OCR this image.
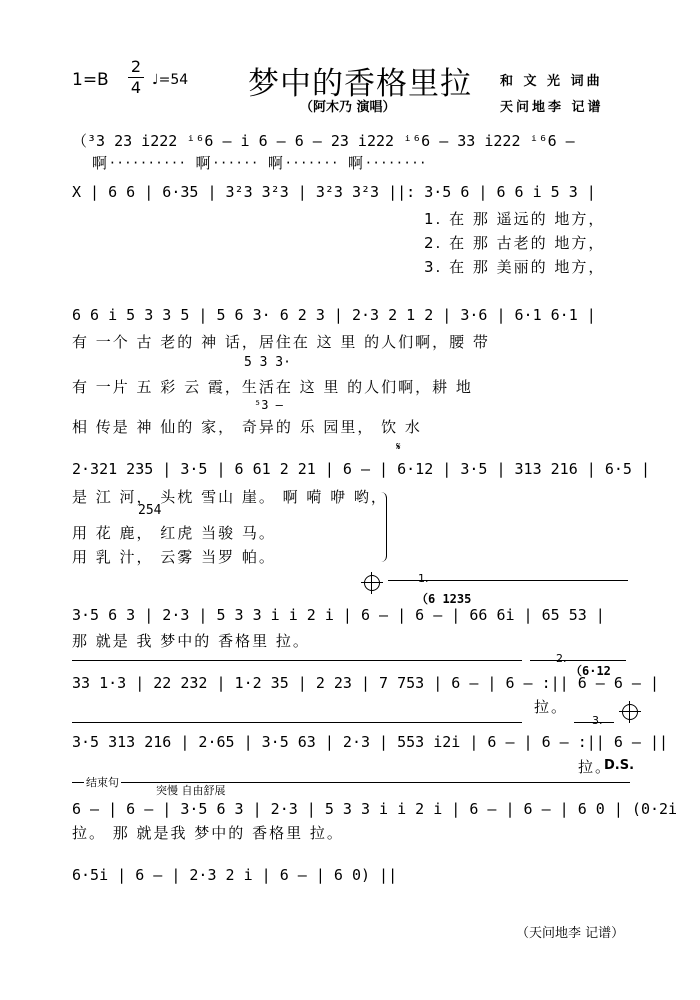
1=B
2
4 ♩=54 梦中的香格里拉
（阿木乃 演唱）
和 文 光 词曲
天问地李 记谱
（³3 23 i222 ⁱ⁶6 – i 6 – 6 – 23 i222 ⁱ⁶6 – 33 i222 ⁱ⁶6 –
啊·········· 啊······ 啊······· 啊········
X | 6 6 | 6·35 | 3²3 3²3 | 3²3 3²3 ||: 3·5 6 | 6 6 i 5 3 |
1. 在 那 遥远的 地方，
2. 在 那 古老的 地方，
3. 在 那 美丽的 地方，
6 6 i 5 3 3 5 | 5 6 3· 6 2 3 | 2·3 2 1 2 | 3·6 | 6·1 6·1 |
有 一个 古 老的 神 话，居住在 这 里 的人们啊，腰 带
5 3 3·
有 一片 五 彩 云 霞，生活在 这 里 的人们啊，耕 地
⁵3 –
相 传是 神 仙的 家， 奇异的 乐 园里， 饮 水
𝄋
2·321 235 | 3·5 | 6 61 2 21 | 6 – | 6·12 | 3·5 | 313 216 | 6·5 |
是 江 河， 头枕 雪山 崖。 啊 嗬 咿 哟，
254
用 花 鹿， 红虎 当骏 马。
用 乳 汁， 云雾 当罗 帕。
1.
（6 1235
3·5 6 3 | 2·3 | 5 3 3 i i 2 i | 6 – | 6 – | 66 6i | 65 53 |
那 就是 我 梦中的 香格里 拉。
2.
（6·12
33 1·3 | 22 232 | 1·2 35 | 2 23 | 7 753 | 6 – | 6 – :|| 6 – 6 – |
拉。
3.
3·5 313 216 | 2·65 | 3·5 63 | 2·3 | 553 i2i | 6 – | 6 – :|| 6 – ||
拉。
D.S.
结束句
突慢 自由舒展
6 – | 6 – | 3·5 6 3 | 2·3 | 5 3 3 i i 2 i | 6 – | 6 – | 6 0 | (0·2i
拉。 那 就是我 梦中的 香格里 拉。
6·5i | 6 – | 2·3 2 i | 6 – | 6 0) ||
（天问地李 记谱）
